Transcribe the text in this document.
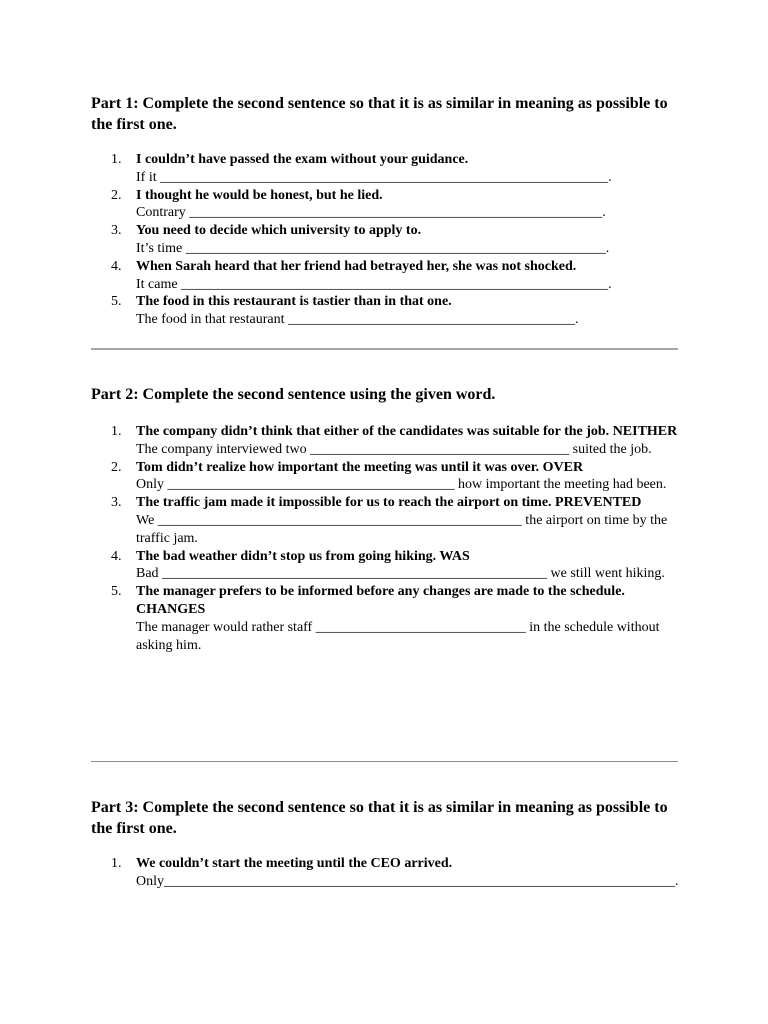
Part 1: Complete the second sentence so that it is as similar in meaning as possible to the first one.

1. I couldn’t have passed the exam without your guidance.
If it ________________________________________________________________.
2. I thought he would be honest, but he lied.
Contrary ___________________________________________________________.
3. You need to decide which university to apply to.
It’s time ____________________________________________________________.
4. When Sarah heard that her friend had betrayed her, she was not shocked.
It came _____________________________________________________________.
5. The food in this restaurant is tastier than in that one.
The food in that restaurant _________________________________________.

Part 2: Complete the second sentence using the given word.

1. The company didn’t think that either of the candidates was suitable for the job. NEITHER
The company interviewed two _____________________________________ suited the job.
2. Tom didn’t realize how important the meeting was until it was over. OVER
Only _________________________________________ how important the meeting had been.
3. The traffic jam made it impossible for us to reach the airport on time. PREVENTED
We ____________________________________________________ the airport on time by the traffic jam.
4. The bad weather didn’t stop us from going hiking. WAS
Bad _______________________________________________________ we still went hiking.
5. The manager prefers to be informed before any changes are made to the schedule. CHANGES
The manager would rather staff ______________________________ in the schedule without asking him.

Part 3: Complete the second sentence so that it is as similar in meaning as possible to the first one.

1. We couldn’t start the meeting until the CEO arrived.
Only_________________________________________________________________________.
